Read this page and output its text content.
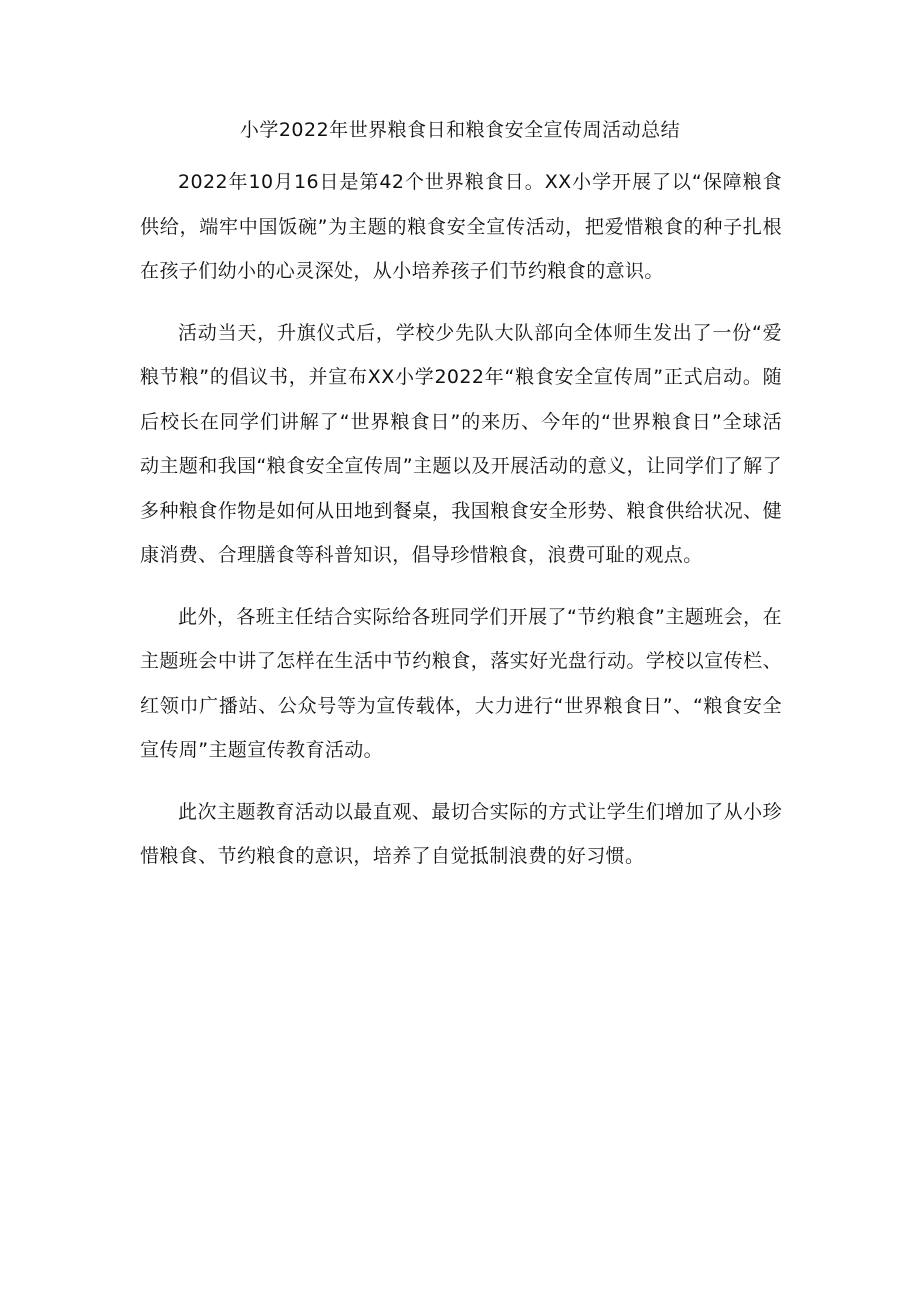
小学2022年世界粮食日和粮食安全宣传周活动总结

2022年10月16日是第42个世界粮食日。XX小学开展了以“保障粮食供给，端牢中国饭碗”为主题的粮食安全宣传活动，把爱惜粮食的种子扎根在孩子们幼小的心灵深处，从小培养孩子们节约粮食的意识。

活动当天，升旗仪式后，学校少先队大队部向全体师生发出了一份“爱粮节粮”的倡议书，并宣布XX小学2022年“粮食安全宣传周”正式启动。随后校长在同学们讲解了“世界粮食日”的来历、今年的“世界粮食日”全球活动主题和我国“粮食安全宣传周”主题以及开展活动的意义，让同学们了解了多种粮食作物是如何从田地到餐桌，我国粮食安全形势、粮食供给状况、健康消费、合理膳食等科普知识，倡导珍惜粮食，浪费可耻的观点。

此外，各班主任结合实际给各班同学们开展了“节约粮食”主题班会，在主题班会中讲了怎样在生活中节约粮食，落实好光盘行动。学校以宣传栏、红领巾广播站、公众号等为宣传载体，大力进行“世界粮食日”、“粮食安全宣传周”主题宣传教育活动。

此次主题教育活动以最直观、最切合实际的方式让学生们增加了从小珍惜粮食、节约粮食的意识，培养了自觉抵制浪费的好习惯。
